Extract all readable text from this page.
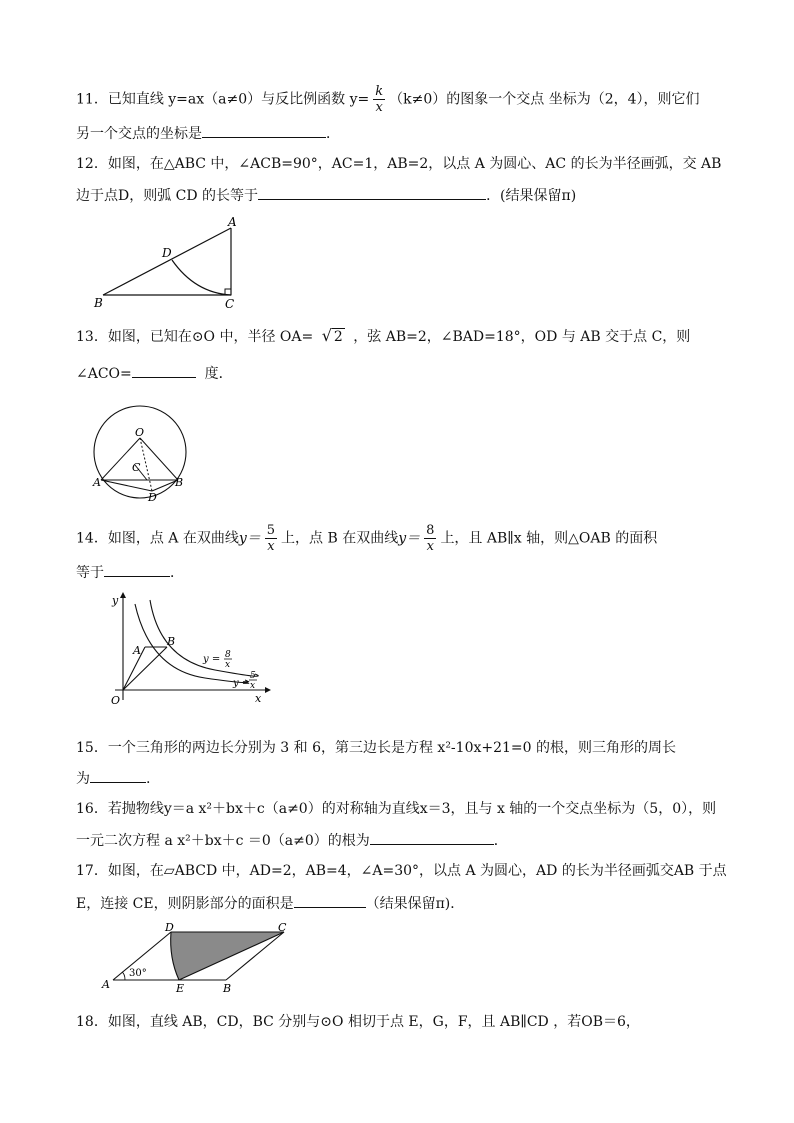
11．已知直线 y=ax（a≠0）与反比例函数 $y= \frac{k}{x} (k\ne 0)$的图象一个交点 坐标为（2，4），则它们
另一个交点的坐标是	．
12．如图，在△ABC 中，∠ACB=90°，AC=1，AB=2，以点 A 为圆心、AC 的长为半径画弧，交 AB
边于点D，则弧 CD 的长等于	．(结果保留π)
A
B	C
D
13．如图，已知在⊙O 中，半径 OA= √ 2 ，弦 AB=2，∠BAD=18°，OD 与 AB 交于点 C，则
∠ACO=	度．
O
C
A	B
D
14．如图，点 A 在双曲线$y= \frac{5}{x}$ 上，点 B 在双曲线$y= \frac{8}{x}$ 上，且 AB∥x 轴，则△OAB 的面积
等于	．
y
x
O
A
B
y = 8
x
y =
5
x
15．一个三角形的两边长分别为 3 和 6，第三边长是方程 x²-10x+21=0 的根，则三角形的周长
为	.
16．若抛物线y＝a x²＋bx＋c（a≠0）的对称轴为直线x＝3，且与 x 轴的一个交点坐标为（5，0），则
一元二次方程 a x²＋bx＋c ＝0（a≠0）的根为	．
17．如图，在▱ABCD 中，AD=2，AB=4，∠A=30°，以点 A 为圆心，AD 的长为半径画弧交AB 于点
E，连接 CE，则阴影部分的面积是	（结果保留π)．
A	B
C
D
E
30°
18．如图，直线 AB，CD，BC 分别与⊙O 相切于点 E，G，F，且 AB∥CD ，若OB＝6，
